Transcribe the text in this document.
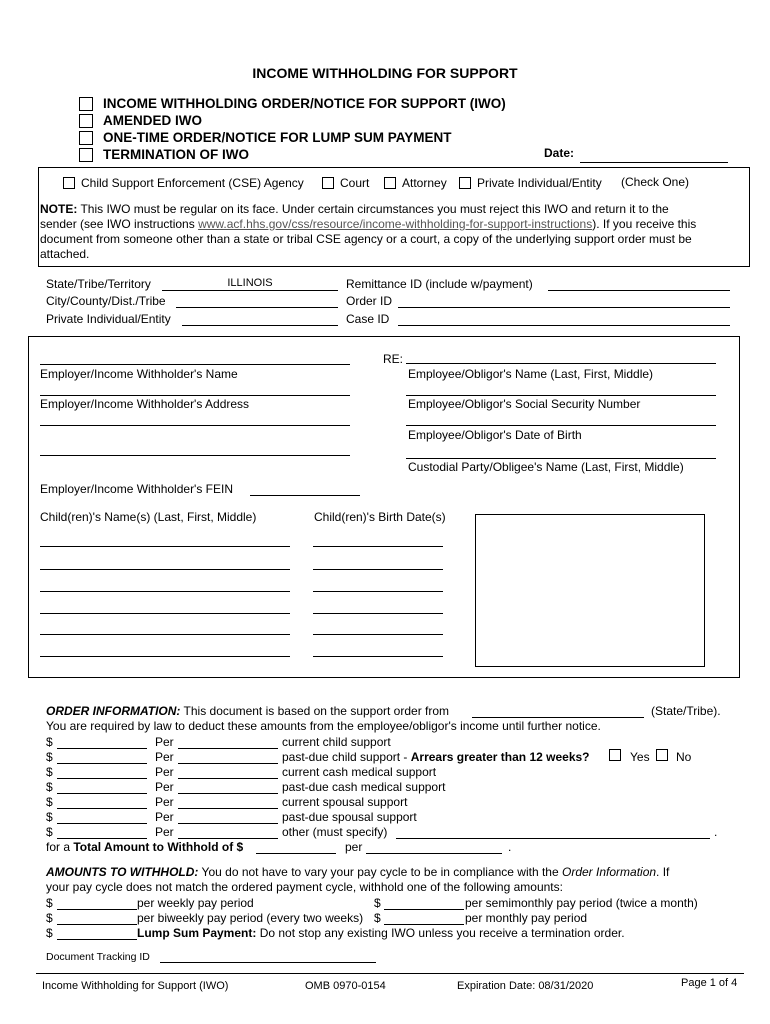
INCOME WITHHOLDING FOR SUPPORT
INCOME WITHHOLDING ORDER/NOTICE FOR SUPPORT (IWO)
AMENDED IWO
ONE-TIME ORDER/NOTICE FOR LUMP SUM PAYMENT
TERMINATION OF IWO	Date:
Child Support Enforcement (CSE) Agency	Court	Attorney	Private Individual/Entity (Check One)
NOTE: This IWO must be regular on its face. Under certain circumstances you must reject this IWO and return it to the
sender (see IWO instructions www.acf.hhs.gov/css/resource/income-withholding-for-support-instructions). If you receive this
document from someone other than a state or tribal CSE agency or a court, a copy of the underlying support order must be
attached.
State/Tribe/Territory
ILLINOIS
City/County/Dist./Tribe
Private Individual/Entity
Remittance ID (include w/payment)
Order ID
Case ID
Employer/Income Withholder's Name
Employer/Income Withholder's Address
Employer/Income Withholder's FEIN
RE:
Employee/Obligor's Name (Last, First, Middle)
Employee/Obligor's Social Security Number
Employee/Obligor's Date of Birth
Custodial Party/Obligee's Name (Last, First, Middle)
Child(ren)'s Name(s) (Last, First, Middle)	Child(ren)'s Birth Date(s)
ORDER INFORMATION: This document is based on the support order from	(State/Tribe).
You are required by law to deduct these amounts from the employee/obligor's income until further notice.
$	Per	current child support
$	Per	past-due child support - Arrears greater than 12 weeks?	Yes No
$	Per	current cash medical support
$	Per	past-due cash medical support
$	Per	current spousal support
$	Per	past-due spousal support
$	Per	other (must specify)	.
for a Total Amount to Withhold of $	per	.
AMOUNTS TO WITHHOLD: You do not have to vary your pay cycle to be in compliance with the Order Information. If
your pay cycle does not match the ordered payment cycle, withhold one of the following amounts:
$	per weekly pay period	$	per semimonthly pay period (twice a month)
$	per biweekly pay period (every two weeks) $	per monthly pay period
$	Lump Sum Payment: Do not stop any existing IWO unless you receive a termination order.
Document Tracking ID
Income Withholding for Support (IWO)	OMB 0970-0154	Expiration Date: 08/31/2020	Page 1 of 4
